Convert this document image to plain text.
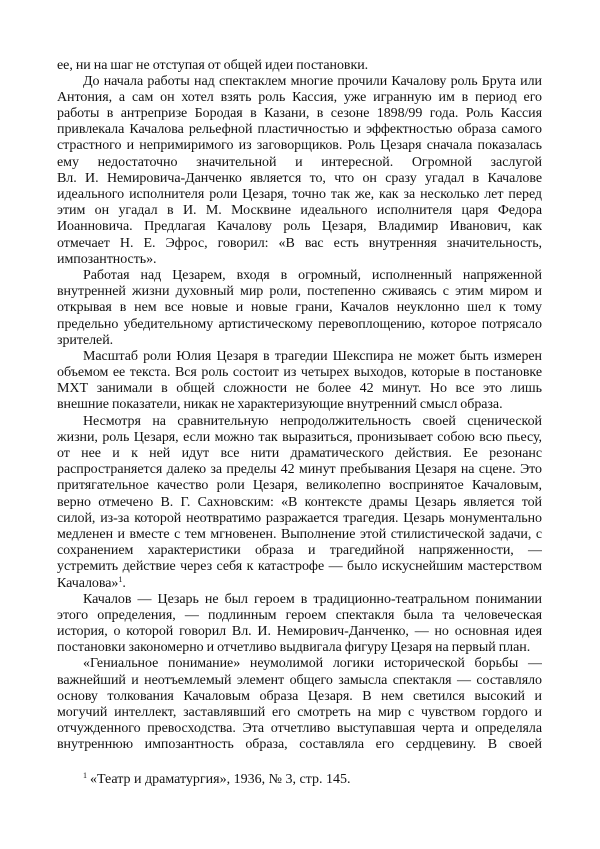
ее, ни на шаг не отступая от общей идеи постановки.
До начала работы над спектаклем многие прочили Качалову роль Брута или
Антония, а сам он хотел взять роль Кассия, уже игранную им в период его
работы в антрепризе Бородая в Казани, в сезоне 1898/99 года. Роль Кассия
привлекала Качалова рельефной пластичностью и эффектностью образа самого
страстного и непримиримого из заговорщиков. Роль Цезаря сначала показалась
ему недостаточно значительной и интересной. Огромной заслугой
Вл. И. Немировича-Данченко является то, что он сразу угадал в Качалове
идеального исполнителя роли Цезаря, точно так же, как за несколько лет перед
этим он угадал в И. М. Москвине идеального исполнителя царя Федора
Иоанновича. Предлагая Качалову роль Цезаря, Владимир Иванович, как
отмечает Н. Е. Эфрос, говорил: «В вас есть внутренняя значительность,
импозантность».
Работая над Цезарем, входя в огромный, исполненный напряженной
внутренней жизни духовный мир роли, постепенно сживаясь с этим миром и
открывая в нем все новые и новые грани, Качалов неуклонно шел к тому
предельно убедительному артистическому перевоплощению, которое потрясало
зрителей.
Масштаб роли Юлия Цезаря в трагедии Шекспира не может быть измерен
объемом ее текста. Вся роль состоит из четырех выходов, которые в постановке
МХТ занимали в общей сложности не более 42 минут. Но все это лишь
внешние показатели, никак не характеризующие внутренний смысл образа.
Несмотря на сравнительную непродолжительность своей сценической
жизни, роль Цезаря, если можно так выразиться, пронизывает собою всю пьесу,
от нее и к ней идут все нити драматического действия. Ее резонанс
распространяется далеко за пределы 42 минут пребывания Цезаря на сцене. Это
притягательное качество роли Цезаря, великолепно воспринятое Качаловым,
верно отмечено В. Г. Сахновским: «В контексте драмы Цезарь является той
силой, из-за которой неотвратимо разражается трагедия. Цезарь монументально
медленен и вместе с тем мгновенен. Выполнение этой стилистической задачи, с
сохранением характеристики образа и трагедийной напряженности, —
устремить действие через себя к катастрофе — было искуснейшим мастерством
Качалова»$^1$.
Качалов — Цезарь не был героем в традиционно-театральном понимании
этого определения, — подлинным героем спектакля была та человеческая
история, о которой говорил Вл. И. Немирович-Данченко, — но основная идея
постановки закономерно и отчетливо выдвигала фигуру Цезаря на первый план.
«Гениальное понимание» неумолимой логики исторической борьбы —
важнейший и неотъемлемый элемент общего замысла спектакля — составляло
основу толкования Качаловым образа Цезаря. В нем светился высокий и
могучий интеллект, заставлявший его смотреть на мир с чувством гордого и
отчужденного превосходства. Эта отчетливо выступавшая черта и определяла
внутреннюю импозантность образа, составляла его сердцевину. В своей
$^1$ «Театр и драматургия», 1936, № 3, стр. 145.
